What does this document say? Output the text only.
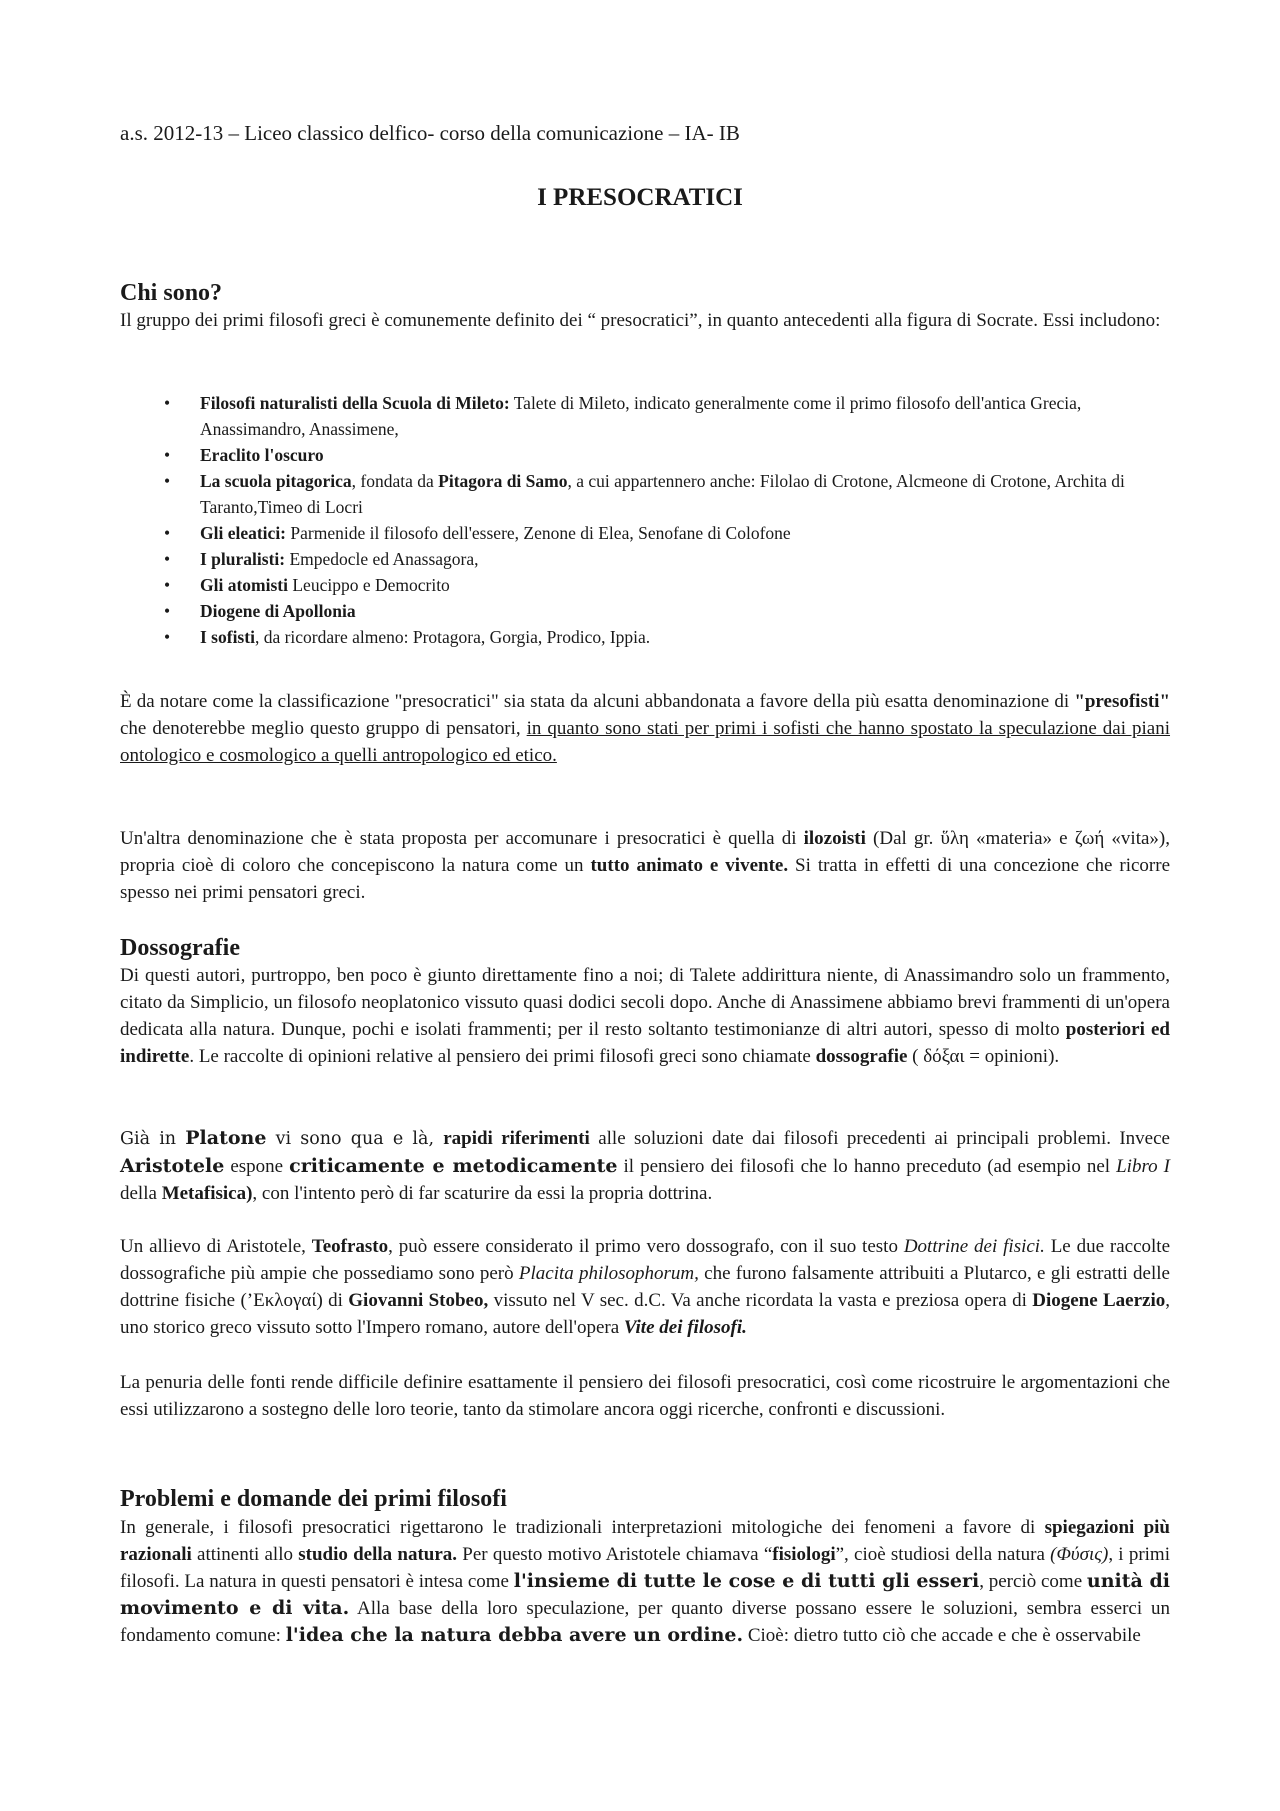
a.s. 2012-13 – Liceo classico delfico- corso della comunicazione – IA- IB
I PRESOCRATICI
Chi sono?

Il gruppo dei primi filosofi greci è comunemente definito dei “ presocratici”, in quanto antecedenti alla figura di Socrate. Essi includono:

• Filosofi naturalisti della Scuola di Mileto: Talete di Mileto, indicato generalmente come il primo filosofo dell'antica Grecia, Anassimandro, Anassimene,
• Eraclito l'oscuro
• La scuola pitagorica, fondata da Pitagora di Samo, a cui appartennero anche: Filolao di Crotone, Alcmeone di Crotone, Archita di Taranto,Timeo di Locri
• Gli eleatici: Parmenide il filosofo dell'essere, Zenone di Elea, Senofane di Colofone
• I pluralisti: Empedocle ed Anassagora,
• Gli atomisti Leucippo e Democrito
• Diogene di Apollonia
• I sofisti, da ricordare almeno: Protagora, Gorgia, Prodico, Ippia.

È da notare come la classificazione "presocratici" sia stata da alcuni abbandonata a favore della più esatta denominazione di "presofisti" che denoterebbe meglio questo gruppo di pensatori, in quanto sono stati per primi i sofisti che hanno spostato la speculazione dai piani ontologico e cosmologico a quelli antropologico ed etico.

Un'altra denominazione che è stata proposta per accomunare i presocratici è quella di ilozoisti (Dal gr. ὕλη «materia» e ζωή «vita»), propria cioè di coloro che concepiscono la natura come un tutto animato e vivente. Si tratta in effetti di una concezione che ricorre spesso nei primi pensatori greci.

Dossografie

Di questi autori, purtroppo, ben poco è giunto direttamente fino a noi; di Talete addirittura niente, di Anassimandro solo un frammento, citato da Simplicio, un filosofo neoplatonico vissuto quasi dodici secoli dopo. Anche di Anassimene abbiamo brevi frammenti di un'opera dedicata alla natura. Dunque, pochi e isolati frammenti; per il resto soltanto testimonianze di altri autori, spesso di molto posteriori ed indirette. Le raccolte di opinioni relative al pensiero dei primi filosofi greci sono chiamate dossografie ( δόξαι = opinioni).

Già in Platone vi sono qua e là, rapidi riferimenti alle soluzioni date dai filosofi precedenti ai principali problemi. Invece Aristotele espone criticamente e metodicamente il pensiero dei filosofi che lo hanno preceduto (ad esempio nel Libro I della Metafisica), con l'intento però di far scaturire da essi la propria dottrina.

Un allievo di Aristotele, Teofrasto, può essere considerato il primo vero dossografo, con il suo testo Dottrine dei fisici. Le due raccolte dossografiche più ampie che possediamo sono però Placita philosophorum, che furono falsamente attribuiti a Plutarco, e gli estratti delle dottrine fisiche (’Eκλογαί) di Giovanni Stobeo, vissuto nel V sec. d.C. Va anche ricordata la vasta e preziosa opera di Diogene Laerzio, uno storico greco vissuto sotto l'Impero romano, autore dell'opera Vite dei filosofi.

La penuria delle fonti rende difficile definire esattamente il pensiero dei filosofi presocratici, così come ricostruire le argomentazioni che essi utilizzarono a sostegno delle loro teorie, tanto da stimolare ancora oggi ricerche, confronti e discussioni.

Problemi e domande dei primi filosofi

In generale, i filosofi presocratici rigettarono le tradizionali interpretazioni mitologiche dei fenomeni a favore di spiegazioni più razionali attinenti allo studio della natura. Per questo motivo Aristotele chiamava “fisiologi”, cioè studiosi della natura (Φύσις), i primi filosofi. La natura in questi pensatori è intesa come l'insieme di tutte le cose e di tutti gli esseri, perciò come unità di movimento e di vita. Alla base della loro speculazione, per quanto diverse possano essere le soluzioni, sembra esserci un fondamento comune: l'idea che la natura debba avere un ordine. Cioè: dietro tutto ciò che accade e che è osservabile
